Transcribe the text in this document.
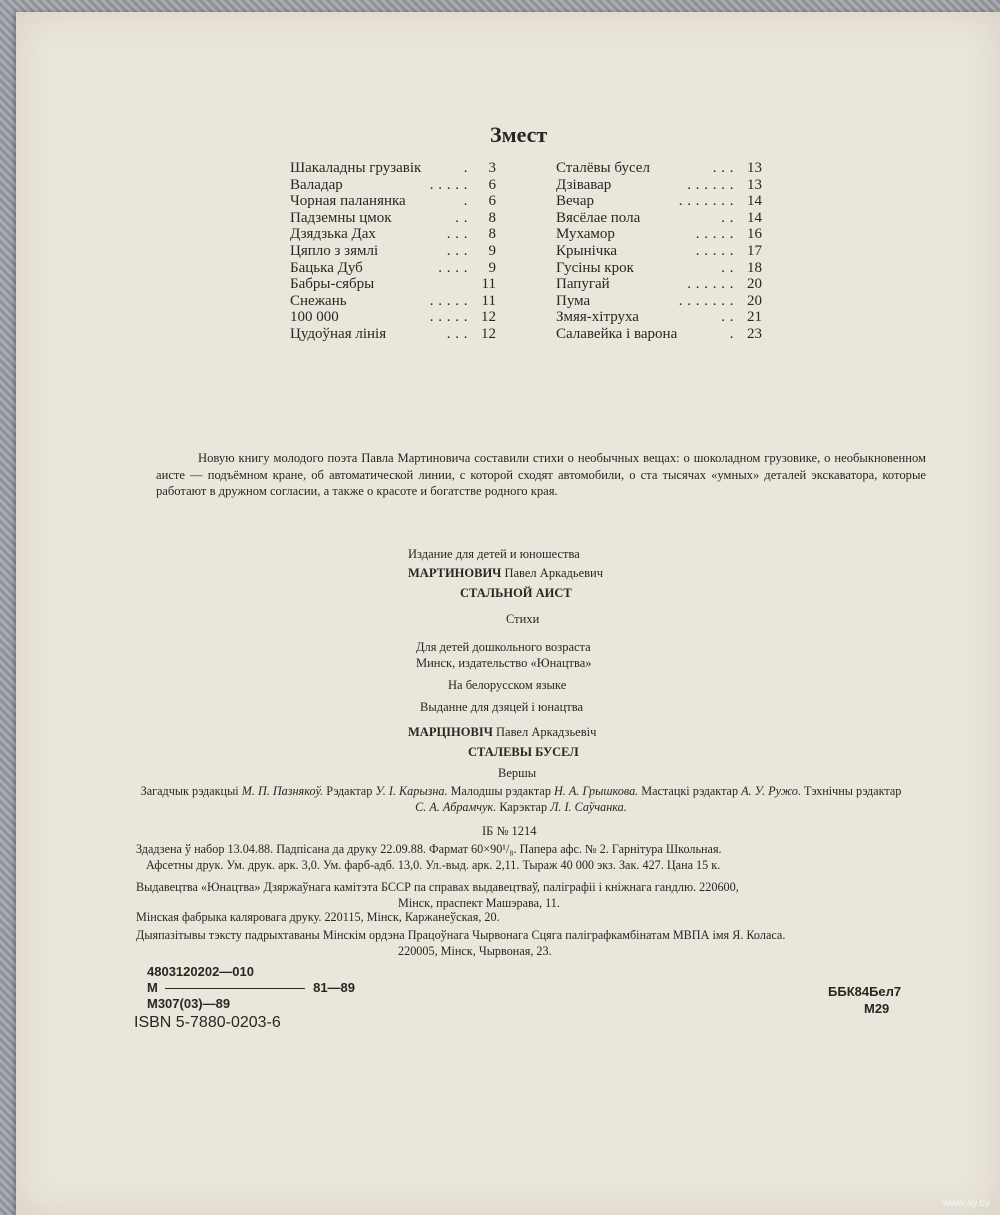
Змест
Шакаладны грузавік	.	3
Валадар	. . . . .	6
Чорная паланянка	.	6
Падземны цмок	. .	8
Дзядзька Дах	. . .	8
Цяпло з зямлі	. . .	9
Бацька Дуб	. . . .	9
Бабры-сябры	11
Снежань	. . . . . 11
100 000	. . . . . 12
Цудоўная лінія	. . . 12
Сталёвы бусел	. . . 13
Дзівавар	. . . . . . 13
Вечар	. . . . . . . 14
Вясёлае пола	. . 14
Мухамор	. . . . . 16
Крынічка	. . . . . 17
Гусіны крок	. . 18
Папугай	. . . . . . 20
Пума	. . . . . . . 20
Змяя-хітруха	. . 21
Салавейка і варона	. 23
Новую книгу молодого поэта Павла Мартиновича составили стихи о необычных вещах: о шоколадном грузовике, о необыкновенном аисте — подъёмном кране, об автоматической линии, с которой сходят автомобили, о ста тысячах «умных» деталей экскаватора, которые работают в дружном согласии, а также о красоте и богатстве родного края.
Издание для детей и юношества
МАРТИНОВИЧ Павел Аркадьевич
СТАЛЬНОЙ АИСТ
Стихи
Для детей дошкольного возраста
Минск, издательство «Юнацтва»
На белорусском языке
Выданне для дзяцей і юнацтва
МАРЦІНОВІЧ Павел Аркадзьевіч
СТАЛЕВЫ БУСЕЛ
Вершы
Загадчык рэдакцыі М. П. Пазнякоў. Рэдактар У. І. Карызна. Малодшы рэдактар Н. А. Грышкова. Мастацкі рэдактар А. У. Ружо. Тэхнічны рэдактар С. А. Абрамчук. Карэктар Л. І. Саўчанка.
ІБ № 1214
Здадзена ў набор 13.04.88. Падпісана да друку 22.09.88. Фармат 60×90¹/₈. Папера афс. № 2. Гарнітура Школьная.
Афсетны друк. Ум. друк. арк. 3,0. Ум. фарб-адб. 13,0. Ул.-выд. арк. 2,11. Тыраж 40 000 экз. Зак. 427. Цана 15 к.
Выдавецтва «Юнацтва» Дзяржаўнага камітэта БССР па справах выдавецтваў, паліграфіі і кніжнага гандлю. 220600,
Мінск, праспект Машэрава, 11.
Мінская фабрыка каляровага друку. 220115, Мінск, Каржанеўская, 20.
Дыяпазітывы тэксту падрыхтаваны Мінскім ордэна Працоўнага Чырвонага Сцяга паліграфкамбінатам МВПА імя Я. Коласа.
220005, Мінск, Чырвоная, 23.
4803120202—010
М	81—89
М307(03)—89
ISBN 5-7880-0203-6
ББК84Бел7
М29
www.ay.by
